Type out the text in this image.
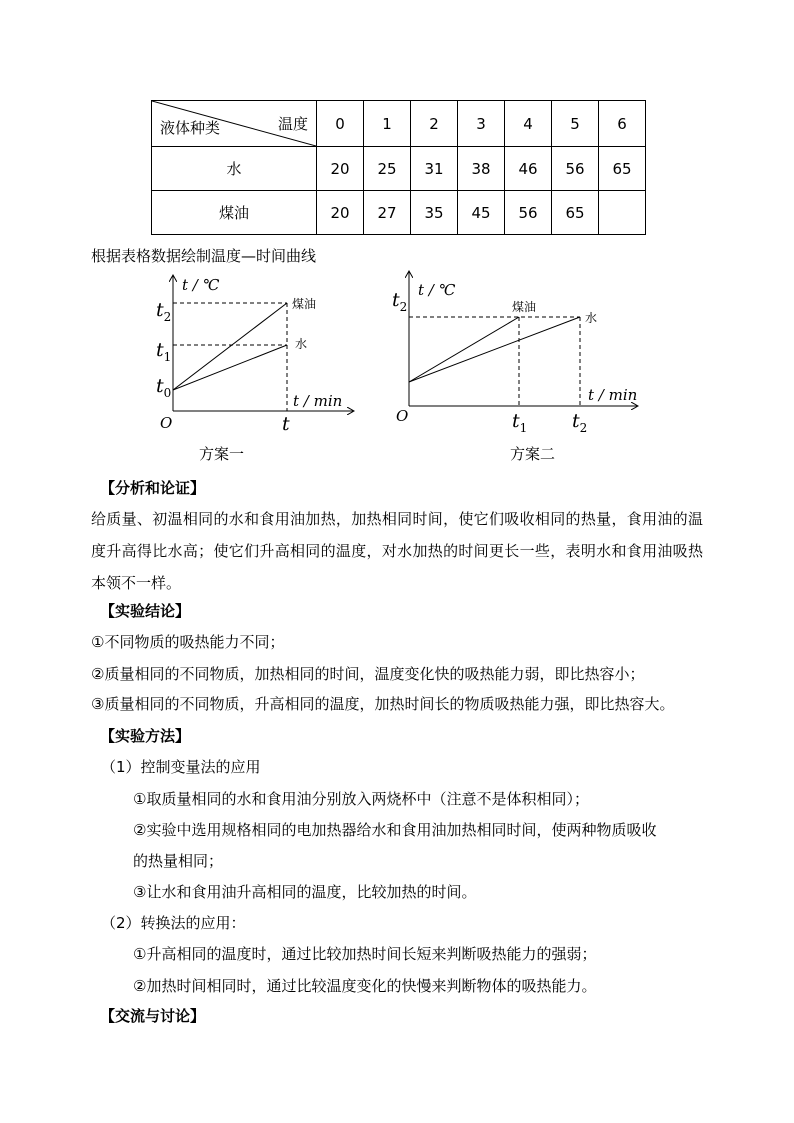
温度
液体种类	0	1	2	3	4	5	6
水	20	25	31	38	46	56	65
煤油	20	27	35	45	56	65	
根据表格数据绘制温度—时间曲线
t / ℃
t / min
煤油
水
$t_2$
$t_1$
$t_0$
O	t
方案一
t / ℃
t / min
煤油
水
$t_2$
O	$t_1$ $t_2$
方案二
【分析和论证】
给质量、初温相同的水和食用油加热，加热相同时间，使它们吸收相同的热量，食用油的温度升高得比水高；使它们升高相同的温度，对水加热的时间更长一些，表明水和食用油吸热本领不一样。
【实验结论】
①不同物质的吸热能力不同；
②质量相同的不同物质，加热相同的时间，温度变化快的吸热能力弱，即比热容小；
③质量相同的不同物质，升高相同的温度，加热时间长的物质吸热能力强，即比热容大。
【实验方法】
（1）控制变量法的应用
①取质量相同的水和食用油分别放入两烧杯中（注意不是体积相同）；
②实验中选用规格相同的电加热器给水和食用油加热相同时间，使两种物质吸收
的热量相同；
③让水和食用油升高相同的温度，比较加热的时间。
（2）转换法的应用：
①升高相同的温度时，通过比较加热时间长短来判断吸热能力的强弱；
②加热时间相同时，通过比较温度变化的快慢来判断物体的吸热能力。
【交流与讨论】
